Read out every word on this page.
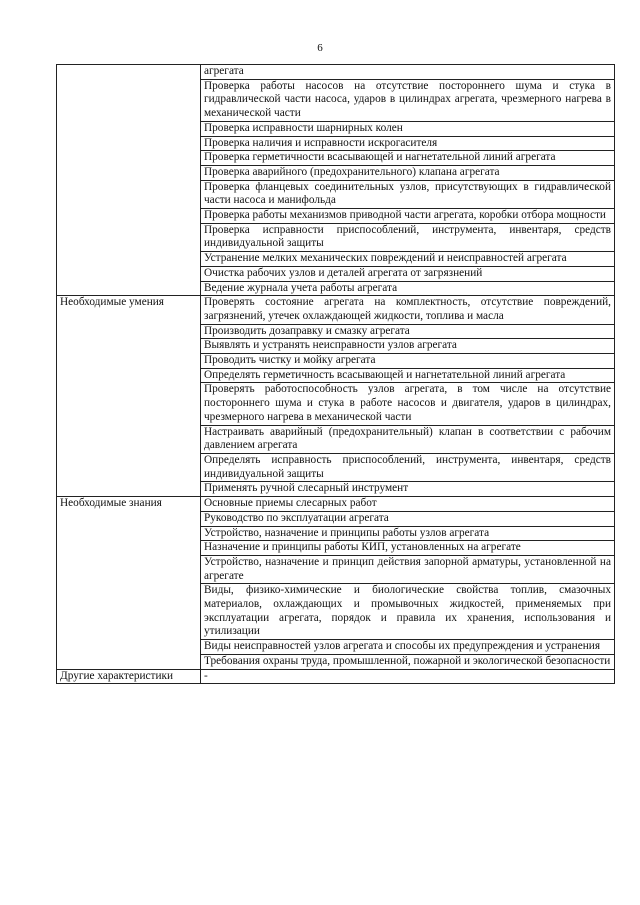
6
	агрегата
	Проверка работы насосов на отсутствие постороннего шума и стука в гидравлической части насоса, ударов в цилиндрах агрегата, чрезмерного нагрева в механической части
	Проверка исправности шарнирных колен
	Проверка наличия и исправности искрогасителя
	Проверка герметичности всасывающей и нагнетательной линий агрегата
	Проверка аварийного (предохранительного) клапана агрегата
	Проверка фланцевых соединительных узлов, присутствующих в гидравлической части насоса и манифольда
	Проверка работы механизмов приводной части агрегата, коробки отбора мощности
	Проверка исправности приспособлений, инструмента, инвентаря, средств индивидуальной защиты
	Устранение мелких механических повреждений и неисправностей агрегата
	Очистка рабочих узлов и деталей агрегата от загрязнений
	Ведение журнала учета работы агрегата
Необходимые умения	Проверять состояние агрегата на комплектность, отсутствие повреждений, загрязнений, утечек охлаждающей жидкости, топлива и масла
	Производить дозаправку и смазку агрегата
	Выявлять и устранять неисправности узлов агрегата
	Проводить чистку и мойку агрегата
	Определять герметичность всасывающей и нагнетательной линий агрегата
	Проверять работоспособность узлов агрегата, в том числе на отсутствие постороннего шума и стука в работе насосов и двигателя, ударов в цилиндрах, чрезмерного нагрева в механической части
	Настраивать аварийный (предохранительный) клапан в соответствии с рабочим давлением агрегата
	Определять исправность приспособлений, инструмента, инвентаря, средств индивидуальной защиты
	Применять ручной слесарный инструмент
Необходимые знания	Основные приемы слесарных работ
	Руководство по эксплуатации агрегата
	Устройство, назначение и принципы работы узлов агрегата
	Назначение и принципы работы КИП, установленных на агрегате
	Устройство, назначение и принцип действия запорной арматуры, установленной на агрегате
	Виды, физико-химические и биологические свойства топлив, смазочных материалов, охлаждающих и промывочных жидкостей, применяемых при эксплуатации агрегата, порядок и правила их хранения, использования и утилизации
	Виды неисправностей узлов агрегата и способы их предупреждения и устранения
	Требования охраны труда, промышленной, пожарной и экологической безопасности
Другие характеристики	-
